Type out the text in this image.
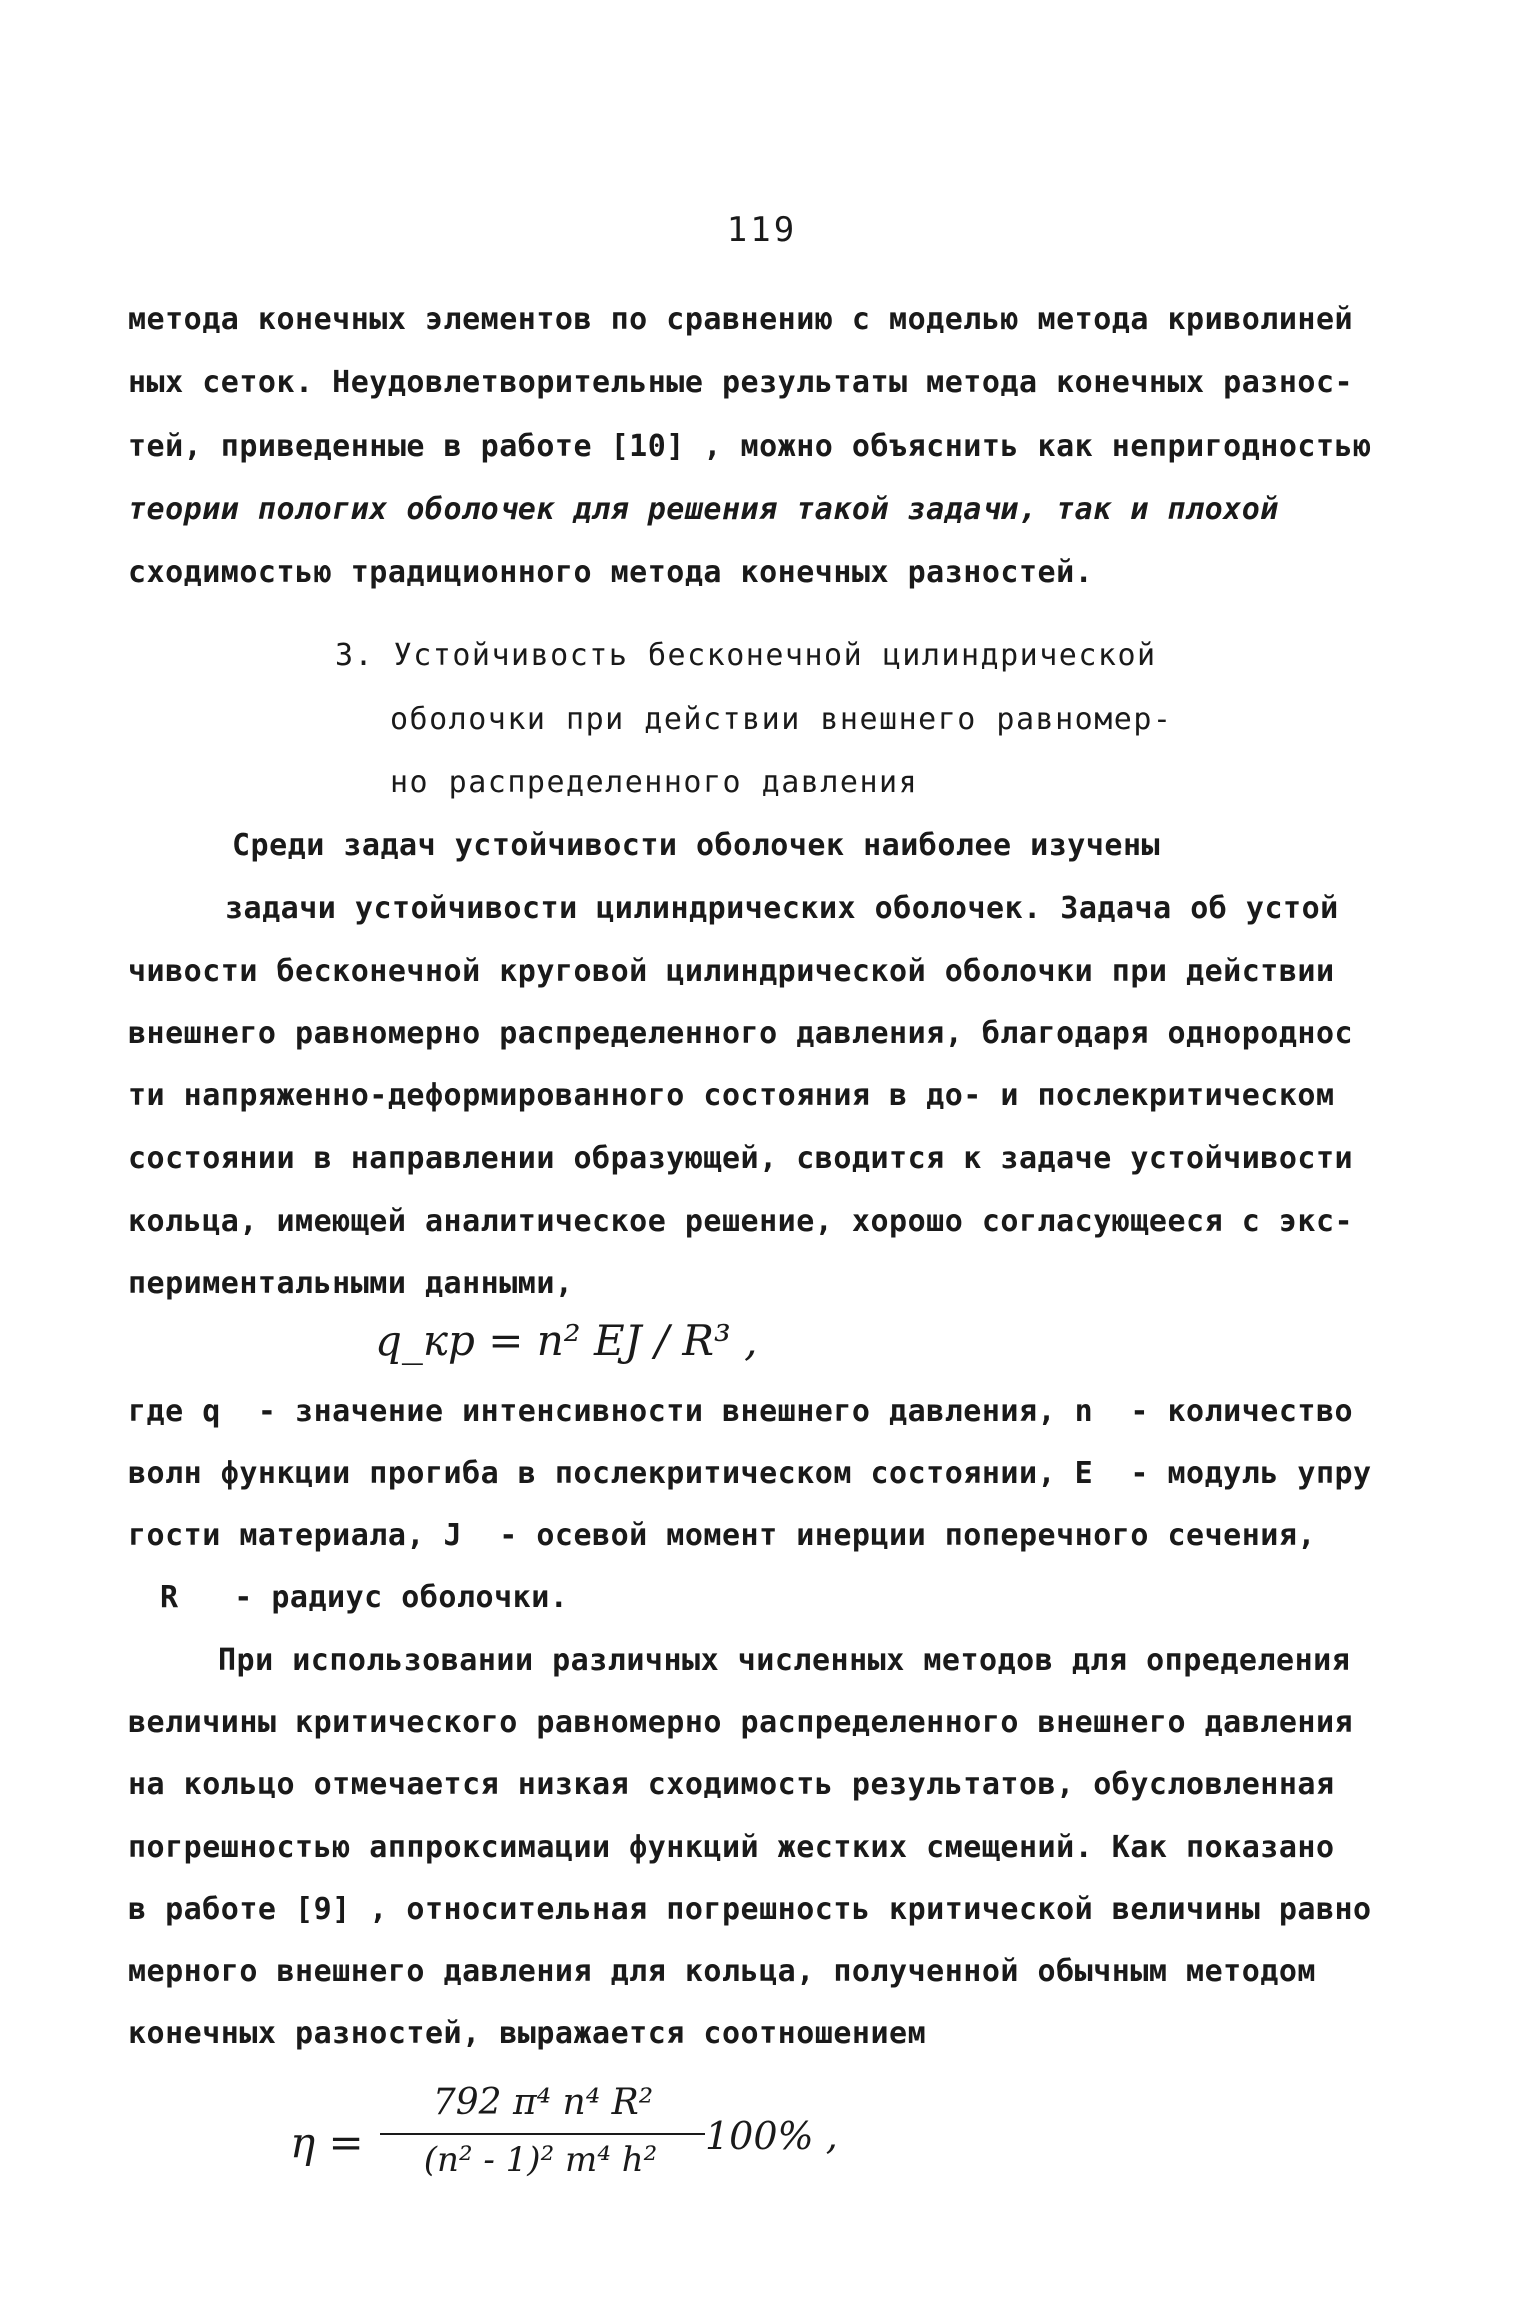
119
метода конечных элементов по сравнению с моделью метода криволиней
ных сеток. Неудовлетворительные результаты метода конечных разнос-
тей, приведенные в работе [10] , можно объяснить как непригодностью
теории пологих оболочек для решения такой задачи, так и плохой
сходимостью традиционного метода конечных разностей.
3. Устойчивость бесконечной цилиндрической
оболочки при действии внешнего равномер-
но распределенного давления
Среди задач устойчивости оболочек наиболее изучены
задачи устойчивости цилиндрических оболочек. Задача об устой
чивости бесконечной круговой цилиндрической оболочки при действии
внешнего равномерно распределенного давления, благодаря однороднос
ти напряженно-деформированного состояния в до- и послекритическом
состоянии в направлении образующей, сводится к задаче устойчивости
кольца, имеющей аналитическое решение, хорошо согласующееся с экс-
периментальными данными,
q_кр = n² EJ / R³ ,
где q  - значение интенсивности внешнего давления, n  - количество
волн функции прогиба в послекритическом состоянии, E  - модуль упру
гости материала, J  - осевой момент инерции поперечного сечения,
R   - радиус оболочки.
При использовании различных численных методов для определения
величины критического равномерно распределенного внешнего давления
на кольцо отмечается низкая сходимость результатов, обусловленная
погрешностью аппроксимации функций жестких смещений. Как показано
в работе [9] , относительная погрешность критической величины равно
мерного внешнего давления для кольца, полученной обычным методом
конечных разностей, выражается соотношением
η =
792 π⁴ n⁴ R²
(n² - 1)² m⁴ h²
100% ,
